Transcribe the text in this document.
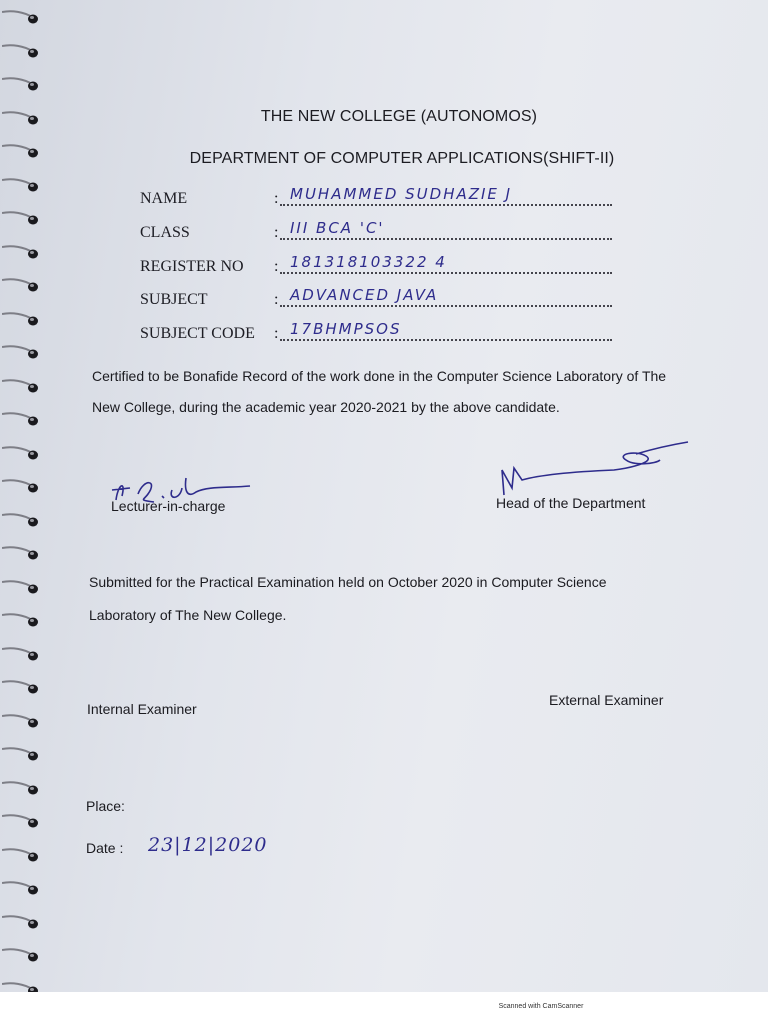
THE NEW COLLEGE (AUTONOMOS)
DEPARTMENT OF COMPUTER APPLICATIONS(SHIFT-II)
NAME	: MUHAMMED SUDHAZIE J
CLASS	: III BCA 'C'
REGISTER NO : 181318103322 4
SUBJECT	: ADVANCED JAVA
SUBJECT CODE : 17BHMPSOS
Certified to be Bonafide Record of the work done in the Computer Science Laboratory of The
New College, during the academic year 2020-2021 by the above candidate.
Lecturer-in-charge	Head of the Department
Submitted for the Practical Examination held on October 2020 in Computer Science
Laboratory of The New College.
Internal Examiner
External Examiner
Place:
Date : 23|12|2020
Scanned with CamScanner
